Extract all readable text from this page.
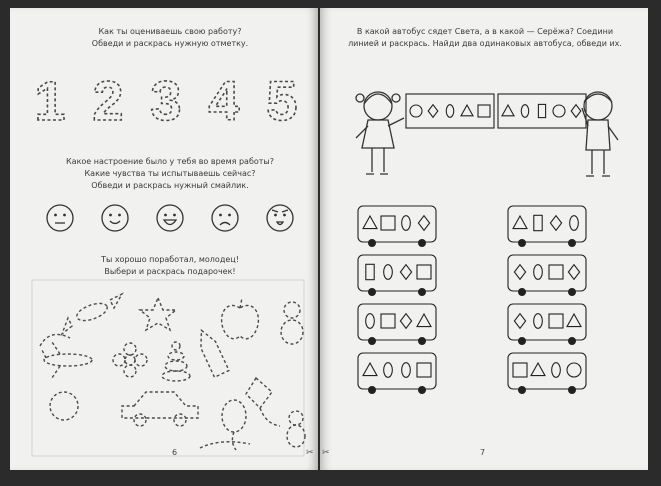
Как ты оцениваешь свою работу?
Обведи и раскрась нужную отметку.
1 2 3 4 5
Какое настроение было у тебя во время работы?
Какие чувства ты испытываешь сейчас?
Обведи и раскрась нужный смайлик.
Ты хорошо поработал, молодец!
Выбери и раскрась подарочек!
6	✂
В какой автобус сядет Света, а в какой — Серёжа? Соедини
линией и раскрась. Найди два одинаковых автобуса, обведи их.
7
✂
